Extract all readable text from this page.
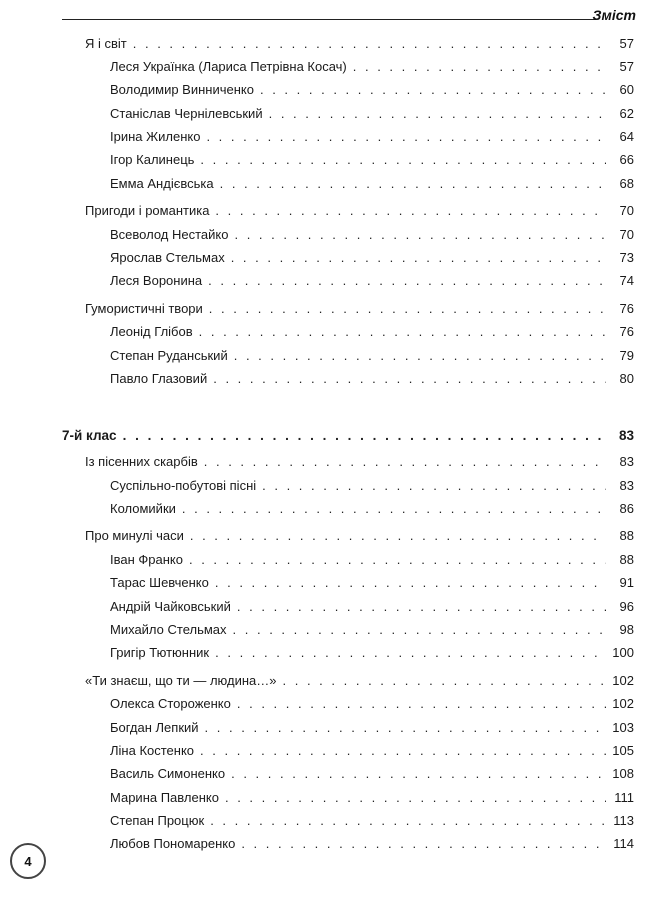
Зміст
Я і світ . . .	57
Леся Українка (Лариса Петрівна Косач) . . .	57
Володимир Винниченко . . .	60
Станіслав Чернілевський . . .	62
Ірина Жиленко . . .	64
Ігор Калинець . . .	66
Емма Андієвська . . .	68
Пригоди і романтика . . .	70
Всеволод Нестайко . . .	70
Ярослав Стельмах . . .	73
Леся Воронина . . .	74
Гумористичні твори . . .	76
Леонід Глібов . . .	76
Степан Руданський . . .	79
Павло Глазовий . . .	80
7-й клас . . .	83
Із пісенних скарбів . . .	83
Суспільно-побутові пісні . . .	83
Коломийки . . .	86
Про минулі часи . . .	88
Іван Франко . . .	88
Тарас Шевченко . . .	91
Андрій Чайковський . . .	96
Михайло Стельмах . . .	98
Григір Тютюнник . . .	100
«Ти знаєш, що ти — людина…» . . .	102
Олекса Стороженко . . .	102
Богдан Лепкий . . .	103
Ліна Костенко . . .	105
Василь Симоненко . . .	108
Марина Павленко . . .	111
Степан Процюк . . .	113
Любов Пономаренко . . .	114
4
